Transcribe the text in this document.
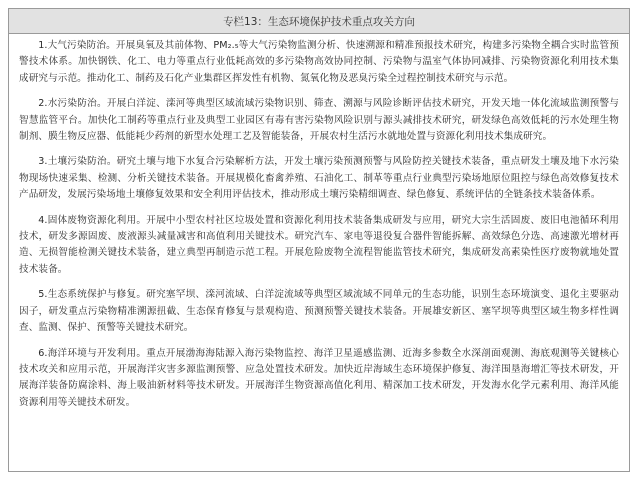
专栏13：生态环境保护技术重点攻关方向

1.大气污染防治。开展臭氧及其前体物、PM₂.₅等大气污染物监测分析、快速溯源和精准预报技术研究，构建多污染物全耦合实时监管预警技术体系。加快钢铁、化工、电力等重点行业低耗高效的多污染物高效协同控制、污染物与温室气体协同减排、污染物资源化利用技术集成研究与示范。推动化工、制药及石化产业集群区挥发性有机物、氮氧化物及恶臭污染全过程控制技术研究与示范。

2.水污染防治。开展白洋淀、滦河等典型区域流域污染物识别、筛查、溯源与风险诊断评估技术研究，开发天地一体化流域监测预警与智慧监管平台。加快化工制药等重点行业及典型工业园区有毒有害污染物风险识别与源头减排技术研究，研发绿色高效低耗的污水处理生物制剂、膜生物反应器、低能耗少药剂的新型水处理工艺及智能装备，开展农村生活污水就地处置与资源化利用技术集成研究。

3.土壤污染防治。研究土壤与地下水复合污染解析方法，开发土壤污染预测预警与风险防控关键技术装备，重点研发土壤及地下水污染物现场快速采集、检测、分析关键技术装备。开展规模化畜禽养殖、石油化工、制革等重点行业典型污染场地原位阻控与绿色高效修复技术产品研发，发展污染场地土壤修复效果和安全利用评估技术，推动形成土壤污染精细调查、绿色修复、系统评估的全链条技术装备体系。

4.固体废物资源化利用。开展中小型农村社区垃圾处置和资源化利用技术装备集成研发与应用，研究大宗生活固废、废旧电池循环利用技术，研发多源固废、废液源头减量减害和高值利用关键技术。研究汽车、家电等退役复合器件智能拆解、高效绿色分选、高速激光增材再造、无损智能检测关键技术装备，建立典型再制造示范工程。开展危险废物全流程智能监管技术研究，集成研发高素染性医疗废物就地处置技术装备。

5.生态系统保护与修复。研究塞罕坝、滦河流域、白洋淀流域等典型区域流域不同单元的生态功能，识别生态环境演变、退化主要驱动因子，研发重点污染物精准溯源扭截、生态保育修复与景观构造、预测预警关键技术装备。开展雄安新区、塞罕坝等典型区域生物多样性调查、监测、保护、预警等关键技术研究。

6.海洋环境与开发利用。重点开展渤海海陆源入海污染物监控、海洋卫星遥感监测、近海多参数全水深剖面观测、海底观测等关键核心技术攻关和应用示范，开展海洋灾害多源监测预警、应急处置技术研发。加快近岸海域生态环境保护修复、海洋围垦海增汇等技术研发，开展海洋装备防腐涂料、海上吸油新材料等技术研发。开展海洋生物资源高值化利用、精深加工技术研发，开发海水化学元素利用、海洋风能资源利用等关键技术研发。
